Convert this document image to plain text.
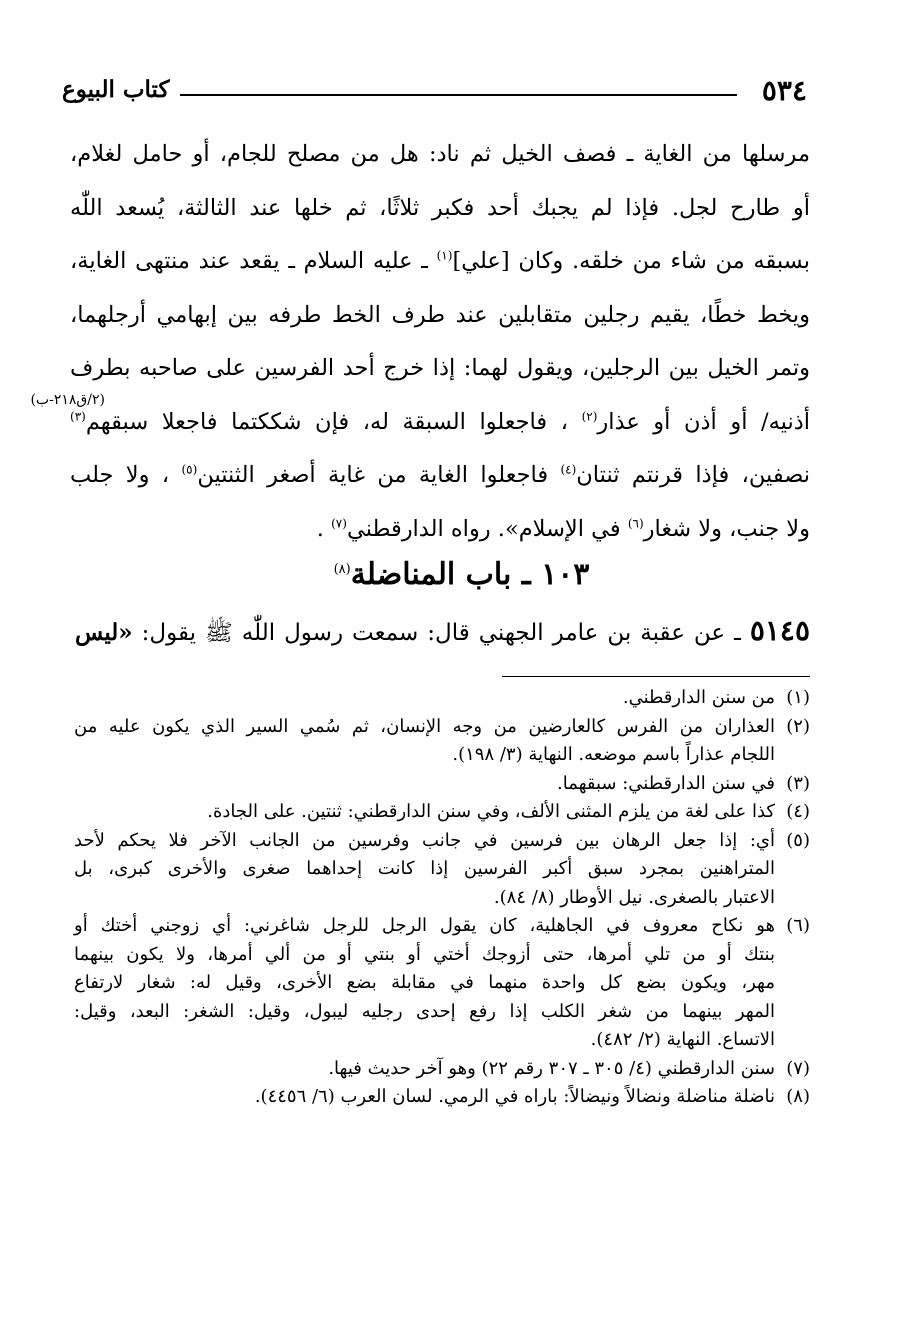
٥٣٤
كتاب البيوع
(٢/ق٢١٨-ب)

مرسلها من الغاية ـ فصف الخيل ثم ناد: هل من مصلح للجام، أو حامل لغلام،

أو طارح لجل. فإذا لم يجبك أحد فكبر ثلاثًا، ثم خلها عند الثالثة، يُسعد اللّٰه

بسبقه من شاء من خلقه. وكان [علي]$^{(١)}$ ـ عليه السلام ـ يقعد عند منتهى الغاية،

ويخط خطًا، يقيم رجلين متقابلين عند طرف الخط طرفه بين إبهامي أرجلهما،

وتمر الخيل بين الرجلين، ويقول لهما: إذا خرج أحد الفرسين على صاحبه بطرف

أذنيه/ أو أذن أو عذار$^{(٢)}$ ، فاجعلوا السبقة له، فإن شككتما فاجعلا سبقهم$^{(٣)}$

نصفين، فإذا قرنتم ثنتان$^{(٤)}$ فاجعلوا الغاية من غاية أصغر الثنتين$^{(٥)}$ ، ولا جلب

ولا جنب، ولا شغار$^{(٦)}$ في الإسلام». رواه الدارقطني$^{(٧)}$ .

١٠٣ ـ باب المناضلة$^{(٨)}$
٥١٤٥ ـ عن عقبة بن عامر الجهني قال: سمعت رسول اللّٰه ﷺ يقول: «ليس
(١)
من سنن الدارقطني.
(٢)
العذاران من الفرس كالعارضين من وجه الإنسان، ثم سُمي السير الذي يكون عليه من
اللجام عذاراً باسم موضعه. النهاية (٣/ ١٩٨).
(٣)
في سنن الدارقطني: سبقهما.
(٤)
كذا على لغة من يلزم المثنى الألف، وفي سنن الدارقطني: ثنتين. على الجادة.
(٥)
أي: إذا جعل الرهان بين فرسين في جانب وفرسين من الجانب الآخر فلا يحكم لأحد
المتراهنين بمجرد سبق أكبر الفرسين إذا كانت إحداهما صغرى والأخرى كبرى، بل
الاعتبار بالصغرى. نيل الأوطار (٨/ ٨٤).
(٦)
هو نكاح معروف في الجاهلية، كان يقول الرجل للرجل شاغرني: أي زوجني أختك أو
بنتك أو من تلي أمرها، حتى أزوجك أختي أو بنتي أو من ألي أمرها، ولا يكون بينهما
مهر، ويكون بضع كل واحدة منهما في مقابلة بضع الأخرى، وقيل له: شغار لارتفاع
المهر بينهما من شغر الكلب إذا رفع إحدى رجليه ليبول، وقيل: الشغر: البعد، وقيل:
الاتساع. النهاية (٢/ ٤٨٢).
(٧)
سنن الدارقطني (٤/ ٣٠٥ ـ ٣٠٧ رقم ٢٢) وهو آخر حديث فيها.
(٨)
ناضلة مناضلة ونضالاً ونيضالاً: باراه في الرمي. لسان العرب (٦/ ٤٤٥٦).
